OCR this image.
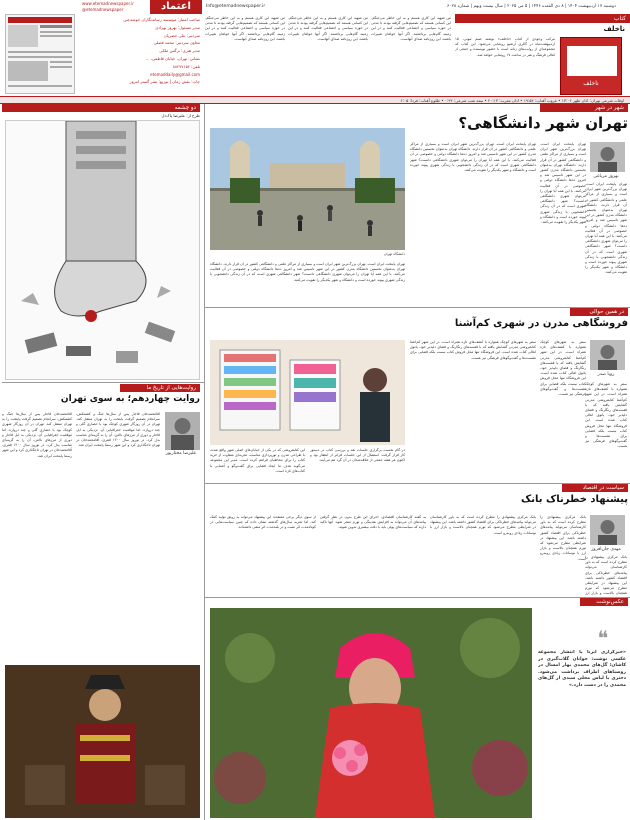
اعتماد
www.etemadnewspaper.ir
@etemadnewspaper
Info@etemadnewspaper.ir	دوشنبه ۱۷ اردیبهشت ۱۴۰۴ | ۸ ذی القعده ۱۴۴۶ | ۵ می ۲۰۲۵ | سال بیست ونهم | شماره ۶۰۲۸
صاحب امتیاز: موسسه رسانه‌نگاران خوشه‌چین
مدیر مسئول: بهروز بهزادی
سردبیر: علی خضریان
معاون سردبیر: محمد فضلی
مدیر هنری: نرگس ملکی
نشانی: تهران، خیابان فاطمی، ...
تلفن: ۸۸۲۷۷۱۵۲
etemaddaily@gmail.com
چاپ: نقش زمان | توزیع: نشر گستر امروز
من شهید این کاری هستم و به این خاطر می‌جنگم. این کسانی هستند که تصمیم‌هایی گرفته بودند تا مدتی در حوزه سیاسی و اجتماعی فعالیت کنند و در این زمینه گام‌هایی برداشتند. اگر آنها خواهان تغییرات باشند، این روزنامه صدای آنهاست.
من شهید این کاری هستم و به این خاطر می‌جنگم. این کسانی هستند که تصمیم‌هایی گرفته بودند تا مدتی در حوزه سیاسی و اجتماعی فعالیت کنند و در این زمینه گام‌هایی برداشتند. اگر آنها خواهان تغییرات باشند، این روزنامه صدای آنهاست.
من شهید این کاری هستم و به این خاطر می‌جنگم. این کسانی هستند که تصمیم‌هایی گرفته بودند تا مدتی در حوزه سیاسی و اجتماعی فعالیت کنند و در این زمینه گام‌هایی برداشتند. اگر آنها خواهان تغییرات باشند، این روزنامه صدای آنهاست.
کتاب
ناخلف
مرکب وجودی از کتاب «ناخلف» نوشته صنم ثبوتی، ۱۵ اردیبهشت‌ماه در گالری آرشیو رونمایی می‌شود. این کتاب که مجموعه‌ای از روایت‌های زنانه است با حضور نویسنده و جمعی از اهالی فرهنگ و هنر در ساعت ۱۷ رونمایی خواهد شد.
ناخلف
اوقات شرعی تهران: اذان ظهر ۱۳:۰۶ • غروب آفتاب: ۱۹:۵۴ • اذان مغرب: ۲۰:۱۳ • نیمه شب شرعی: ۰:۴۴ • طلوع آفتاب: فردا: ۶:۰۵
دو چشمه
طرح از: علیرضا پاک‌دل
روایت‌هایی از تاریخ ما
روایت چهاردهم؛ به سوی تهران
علیرضا مختارپور
آقامحمدخان قاجار پس از سال‌ها جنگ و کشمکش، سرانجام تصمیم گرفت پایتخت را به تهران منتقل کند. تهران در آن روزگار شهری کوچک بود با حصاری گلی و چند دروازه. اما موقعیت جغرافیایی آن، نزدیکی به ایل قاجار و دوری از مرزهای ناامن، آن را به گزینه‌ای مناسب بدل کرد. در نوروز سال ۱۲۰۰ قمری، آقامحمدخان در تهران تاجگذاری کرد و این شهر رسما پایتخت ایران شد.
آقامحمدخان قاجار پس از سال‌ها جنگ و کشمکش، سرانجام تصمیم گرفت پایتخت را به تهران منتقل کند. تهران در آن روزگار شهری کوچک بود با حصاری گلی و چند دروازه. اما موقعیت جغرافیایی آن، نزدیکی به ایل قاجار و دوری از مرزهای ناامن، آن را به گزینه‌ای مناسب بدل کرد. در نوروز سال ۱۲۰۰ قمری، آقامحمدخان در تهران تاجگذاری کرد و این شهر رسما پایتخت ایران شد.
شهر در شهر
تهران شهر دانشگاهی؟
دانشگاه تهران
بهروز مرباغی
تهران پایتخت ایران است. تهران بزرگ‌ترین شهر ایران است و بسیاری از مراکز علمی و دانشگاهی کشور در آن قرار دارند. دانشگاه تهران به‌عنوان نخستین دانشگاه مدرن کشور در این شهر تاسیس شد و امروز ده‌ها دانشگاه دولتی و خصوصی در آن فعالیت می‌کنند. با این همه آیا تهران را می‌توان شهری دانشگاهی دانست؟ شهر دانشگاهی شهری است که در آن زندگی دانشجویی با زندگی شهری پیوند خورده است و دانشگاه و شهر یکدیگر را تقویت می‌کنند.
تهران پایتخت ایران است. تهران بزرگ‌ترین شهر ایران است و بسیاری از مراکز علمی و دانشگاهی کشور در آن قرار دارند. دانشگاه تهران به‌عنوان نخستین دانشگاه مدرن کشور در این شهر تاسیس شد و امروز ده‌ها دانشگاه دولتی و خصوصی در آن فعالیت می‌کنند. با این همه آیا تهران را می‌توان شهری دانشگاهی دانست؟ شهر دانشگاهی شهری است که در آن زندگی دانشجویی با زندگی شهری پیوند خورده است و دانشگاه و شهر یکدیگر را تقویت می‌کنند.
تهران پایتخت ایران است. تهران بزرگ‌ترین شهر ایران است و بسیاری از مراکز علمی و دانشگاهی کشور در آن قرار دارند. دانشگاه تهران به‌عنوان نخستین دانشگاه مدرن کشور در این شهر تاسیس شد و امروز ده‌ها دانشگاه دولتی و خصوصی در آن فعالیت می‌کنند. با این همه آیا تهران را می‌توان شهری دانشگاهی دانست؟ شهر دانشگاهی شهری است که در آن زندگی دانشجویی با زندگی شهری پیوند خورده است و دانشگاه و شهر یکدیگر را تقویت می‌کنند.
تهران پایتخت ایران است. تهران بزرگ‌ترین شهر ایران است و بسیاری از مراکز علمی و دانشگاهی کشور در آن قرار دارند. دانشگاه تهران به‌عنوان نخستین دانشگاه مدرن کشور در این شهر تاسیس شد و امروز ده‌ها دانشگاه دولتی و خصوصی در آن فعالیت می‌کنند. با این همه آیا تهران را می‌توان شهری دانشگاهی دانست؟ شهر دانشگاهی شهری است که در آن زندگی دانشجویی با زندگی شهری پیوند خورده است و دانشگاه و شهر یکدیگر را تقویت می‌کنند.
در همین حوالی
فروشگاهی مدرن در شهری کم‌آشنا
رویا صدر
سفر به شهرهای کوچک همواره با کشف‌های تازه همراه است. در این شهر کم‌آشنا کتابفروشی مدرنی گشایش یافته که با قفسه‌های رنگارنگ و فضای دلپذیر خود، پاتوق اهالی کتاب شده است. این فروشگاه تنها محل فروش کتاب نیست بلکه فضایی برای نشست‌ها و گفت‌وگوهای فرهنگی نیز هست.
سفر به شهرهای کوچک همواره با کشف‌های تازه همراه است. در این شهر کم‌آشنا کتابفروشی مدرنی گشایش یافته که با قفسه‌های رنگارنگ و فضای دلپذیر خود، پاتوق اهالی کتاب شده است. این فروشگاه تنها محل فروش کتاب نیست بلکه فضایی برای نشست‌ها و گفت‌وگوهای فرهنگی نیز هست.
سفر به شهرهای کوچک همواره با کشف‌های تازه همراه است. در این شهر کم‌آشنا کتابفروشی مدرنی گشایش یافته که با قفسه‌های رنگارنگ و فضای دلپذیر خود، پاتوق اهالی کتاب شده است. این فروشگاه تنها محل فروش کتاب نیست بلکه فضایی برای نشست‌ها و گفت‌وگوهای فرهنگی نیز هست.
این کتابفروشی که در یکی از خیابان‌های اصلی شهر واقع شده، با طراحی مدرن و نورپردازی مناسب، تجربه‌ای متفاوت از خرید کتاب را برای مخاطبان فراهم کرده است. مدیر این مجموعه می‌گوید هدف ما ایجاد فضایی برای گفت‌وگو و آشنایی با کتاب‌های تازه است.
در گام نخست برگزاری جلسات نقد و بررسی کتاب در دستور کار قرار گرفت. استقبال از این جلسات فراتر از انتظار بود و اکنون هر هفته جمعی از علاقه‌مندان در آن گرد هم می‌آیند.
سیاست در اقتصاد
پیشنهاد خطرناک بانک
مهدی جان‌افروز
بانک مرکزی پیشنهادی را مطرح کرده است که به باور کارشناسان می‌تواند پیامدهای خطرناکی برای اقتصاد کشور داشته باشد. این پیشنهاد در شرایطی مطرح می‌شود که تورم همچنان بالاست و بازار ارز با نوسانات زیادی روبه‌رو است.
بانک مرکزی پیشنهادی را مطرح کرده است که به باور کارشناسان می‌تواند پیامدهای خطرناکی برای اقتصاد کشور داشته باشد. این پیشنهاد در شرایطی مطرح می‌شود که تورم همچنان بالاست و بازار ارز با نوسانات زیادی روبه‌رو است.
به گفته کارشناسان اقتصادی، اجرای این طرح بدون در نظر گرفتن پیامدهای آن می‌تواند به افزایش نقدینگی و تورم منجر شود. آنها تاکید دارند که سیاست‌های پولی باید با دقت بیشتری تدوین شوند.
از سوی دیگر برخی معتقدند این پیشنهاد می‌تواند به رونق تولید کمک کند. اما تجربه سال‌های گذشته نشان داده که چنین سیاست‌هایی در کوتاه‌مدت اثر مثبت و در بلندمدت اثر منفی داشته‌اند.
بانک مرکزی پیشنهادی را مطرح کرده است که به باور کارشناسان می‌تواند پیامدهای خطرناکی برای اقتصاد کشور داشته باشد. این پیشنهاد در شرایطی مطرح می‌شود که تورم همچنان بالاست و بازار ارز
عکس‌نوشت
❝
«خبرگزاری ایرنا با انتشار مجموعه عکسی نوشت: جوانان گلاب‌گیری در کاشان؛ گل‌های محمدی بهار امسال در روستاهای اطراف برداشت می‌شود. دختری با لباس محلی سبدی از گل‌های محمدی را در دست دارد.»
